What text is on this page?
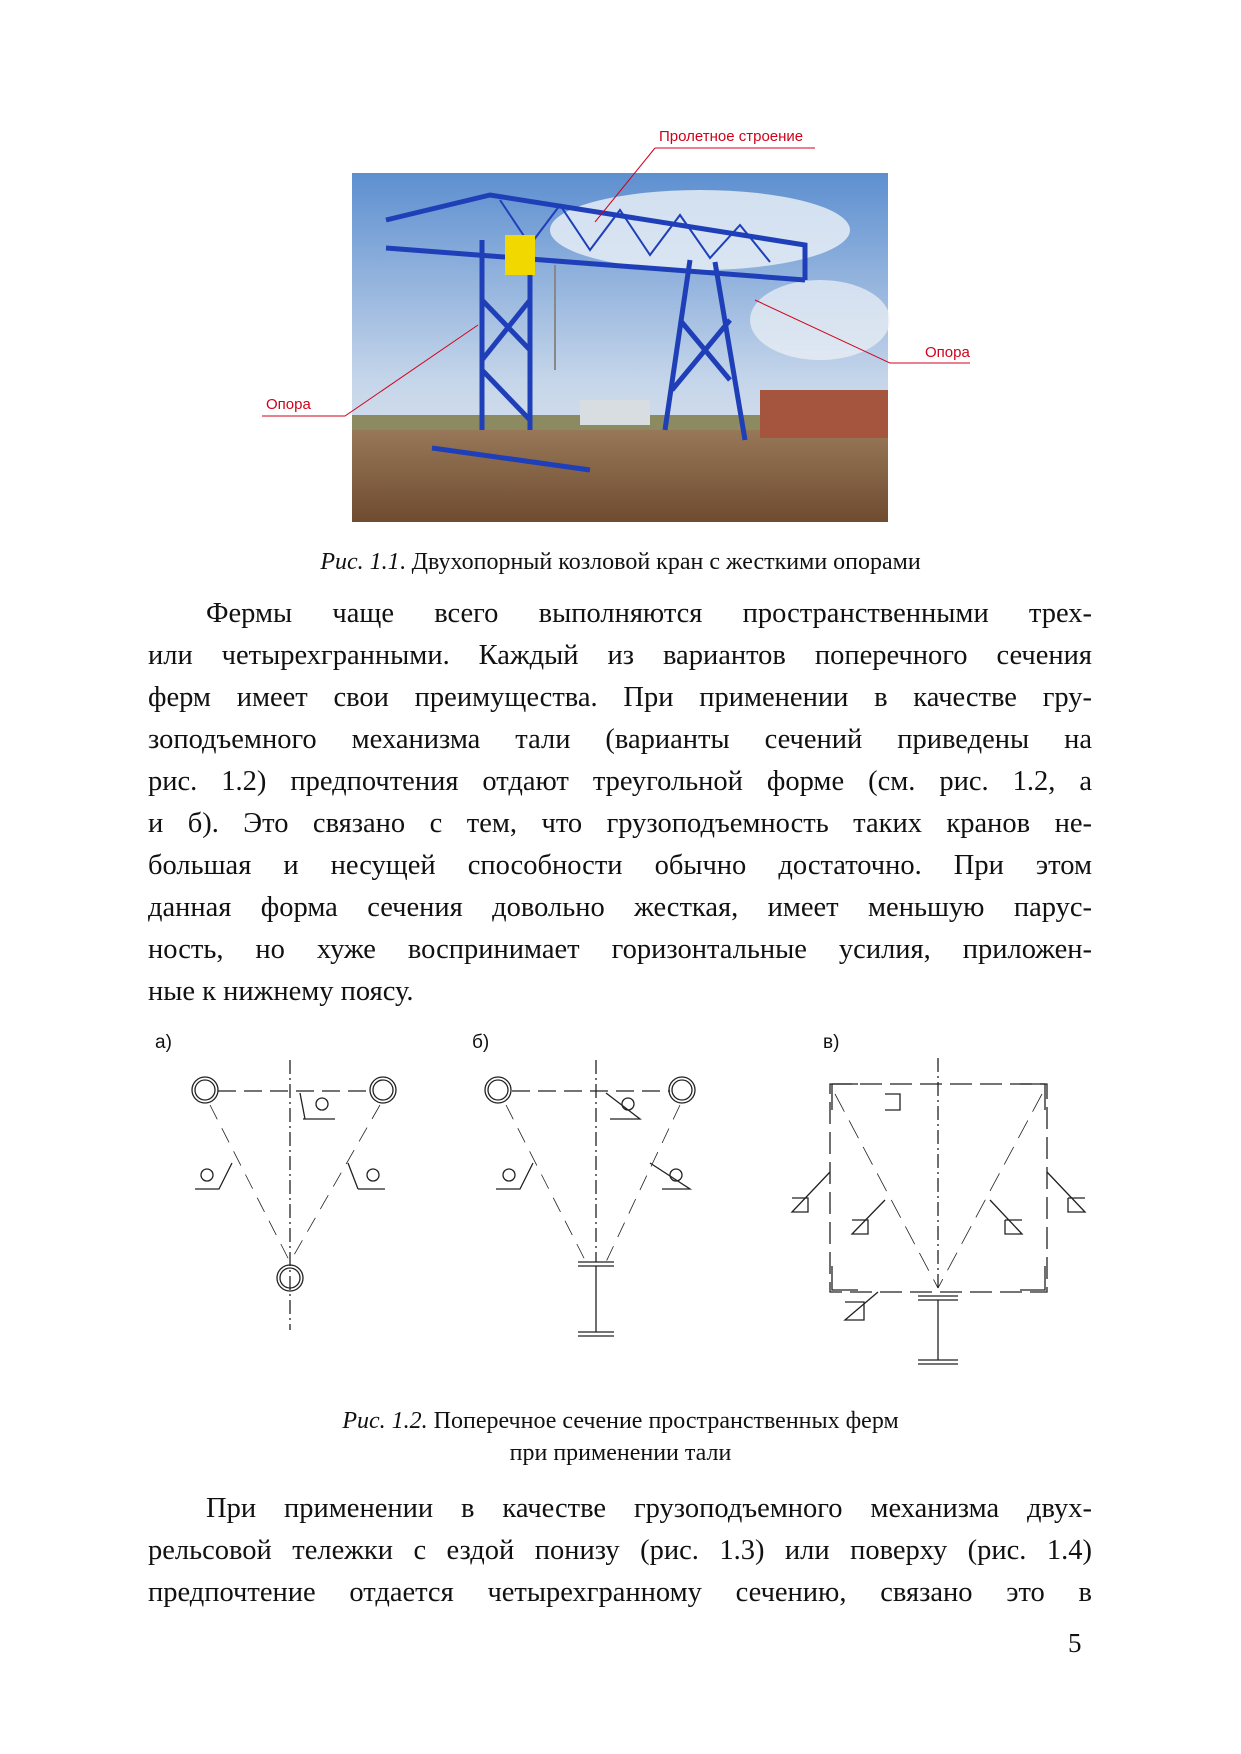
Пролетное строение
Опора
Опора
Рис. 1.1. Двухопорный козловой кран с жесткими опорами
Фермы чаще всего выполняются пространственными трех-
или четырехгранными. Каждый из вариантов поперечного сечения
ферм имеет свои преимущества. При применении в качестве гру-
зоподъемного механизма тали (варианты сечений приведены на
рис. 1.2) предпочтения отдают треугольной форме (см. рис. 1.2, а
и б). Это связано с тем, что грузоподъемность таких кранов не-
большая и несущей способности обычно достаточно. При этом
данная форма сечения довольно жесткая, имеет меньшую парус-
ность, но хуже воспринимает горизонтальные усилия, приложен-
ные к нижнему поясу.
а)	б)	в)
Рис. 1.2. Поперечное сечение пространственных ферм
при применении тали
При применении в качестве грузоподъемного механизма двух-
рельсовой тележки с ездой понизу (рис. 1.3) или поверху (рис. 1.4)
предпочтение отдается четырехгранному сечению, связано это в
5
